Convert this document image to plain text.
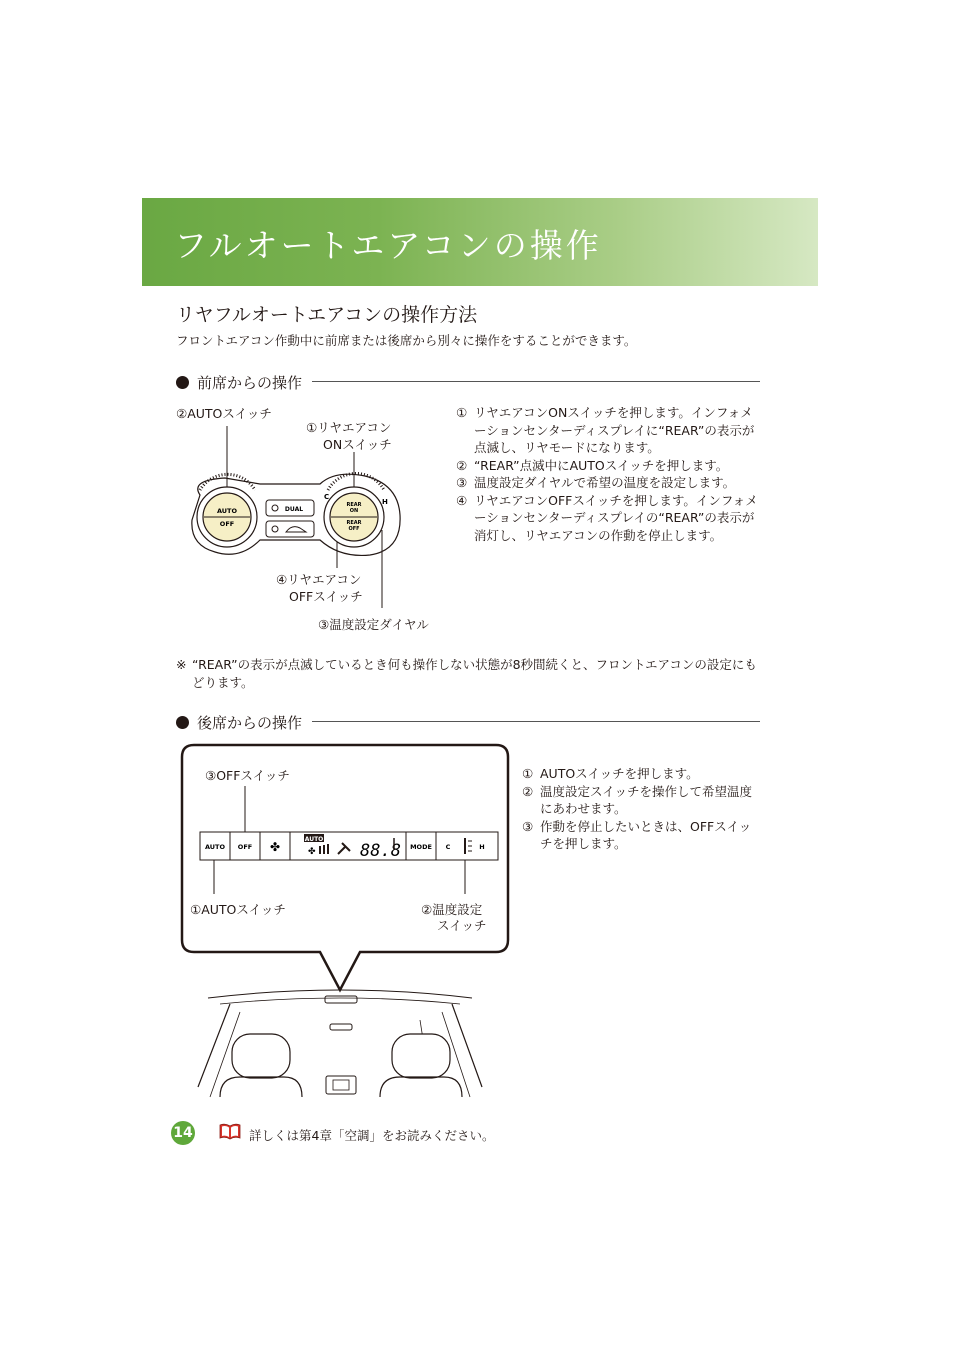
フルオートエアコンの操作
リヤフルオートエアコンの操作方法
フロントエアコン作動中に前席または後席から別々に操作をすることができます。
前席からの操作
②AUTOスイッチ
①リヤエアコン
ONスイッチ
④リヤエアコン
OFFスイッチ
③温度設定ダイヤル
AUTO
OFF
DUAL
C
H
REAR
ON
REAR
OFF
① リヤエアコンONスイッチを押します。インフォメーションセンターディスプレイに“REAR”の表示が点滅し、リヤモードになります。
② “REAR”点滅中にAUTOスイッチを押します。
③ 温度設定ダイヤルで希望の温度を設定します。
④ リヤエアコンOFFスイッチを押します。インフォメーションセンターディスプレイの“REAR”の表示が消灯し、リヤエアコンの作動を停止します。
※ “REAR”の表示が点滅しているとき何も操作しない状態が8秒間続くと、フロントエアコンの設定にもどります。
後席からの操作
AUTO OFF ✤
AUTO
✤	88.8 MODE C	H
③OFFスイッチ
①AUTOスイッチ	②温度設定
スイッチ
① AUTOスイッチを押します。
② 温度設定スイッチを操作して希望温度にあわせます。
③ 作動を停止したいときは、OFFスイッチを押します。
14	詳しくは第4章「空調」をお読みください。
